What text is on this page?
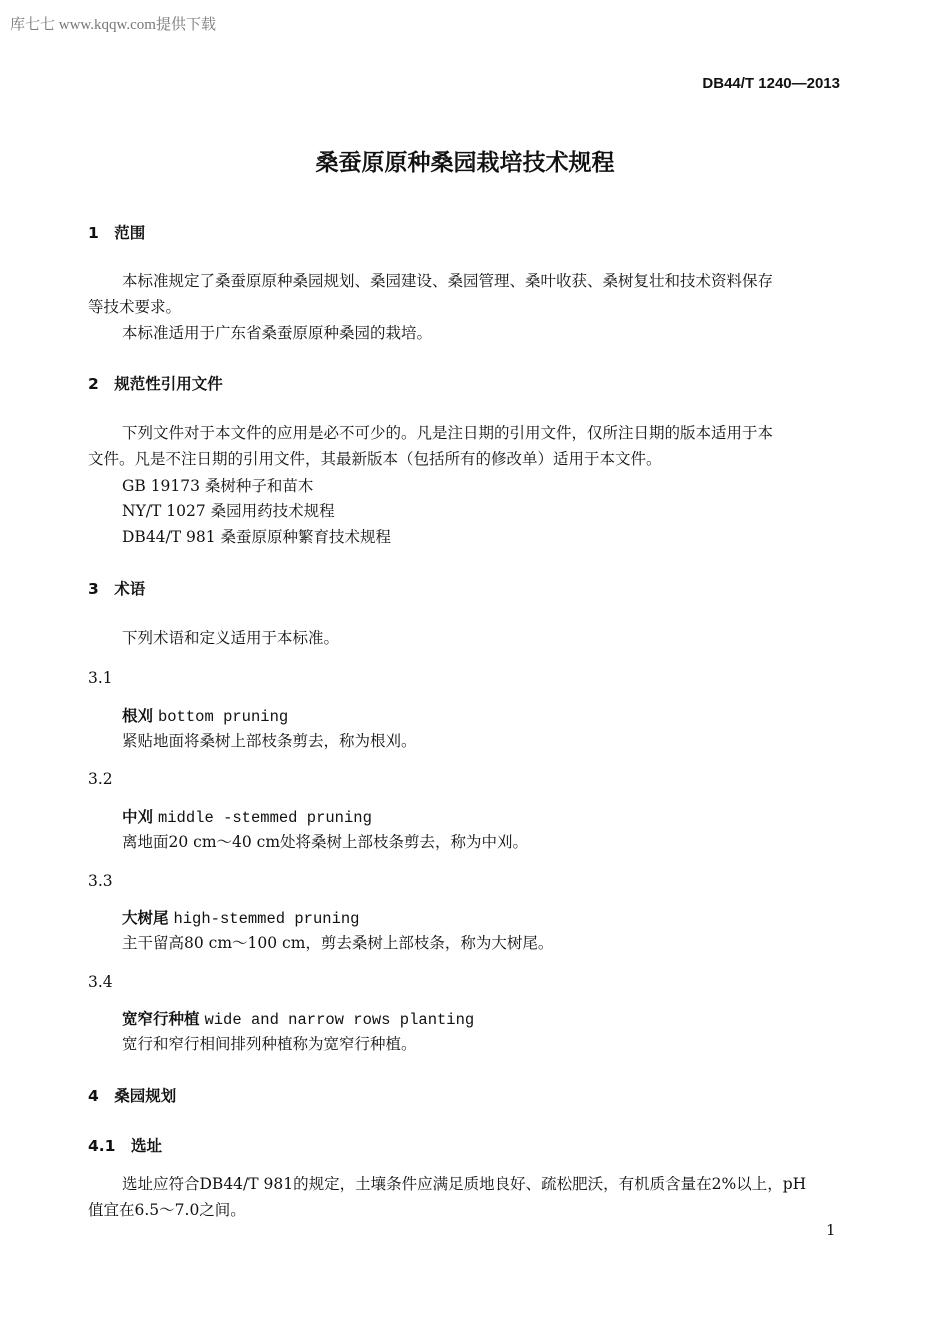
库七七 www.kqqw.com提供下载
DB44/T 1240—2013
桑蚕原原种桑园栽培技术规程
1　范围
本标准规定了桑蚕原原种桑园规划、桑园建设、桑园管理、桑叶收获、桑树复壮和技术资料保存
等技术要求。
本标准适用于广东省桑蚕原原种桑园的栽培。
2　规范性引用文件
下列文件对于本文件的应用是必不可少的。凡是注日期的引用文件，仅所注日期的版本适用于本
文件。凡是不注日期的引用文件，其最新版本（包括所有的修改单）适用于本文件。
GB 19173 桑树种子和苗木
NY/T 1027 桑园用药技术规程
DB44/T 981 桑蚕原原种繁育技术规程
3　术语
下列术语和定义适用于本标准。
3.1
根刈 bottom pruning
紧贴地面将桑树上部枝条剪去，称为根刈。
3.2
中刈 middle -stemmed pruning
离地面20 cm～40 cm处将桑树上部枝条剪去，称为中刈。
3.3
大树尾 high-stemmed pruning
主干留高80 cm～100 cm，剪去桑树上部枝条，称为大树尾。
3.4
宽窄行种植 wide and narrow rows planting
宽行和窄行相间排列种植称为宽窄行种植。
4　桑园规划
4.1　选址
选址应符合DB44/T 981的规定，土壤条件应满足质地良好、疏松肥沃，有机质含量在2%以上，pH
值宜在6.5～7.0之间。
1
